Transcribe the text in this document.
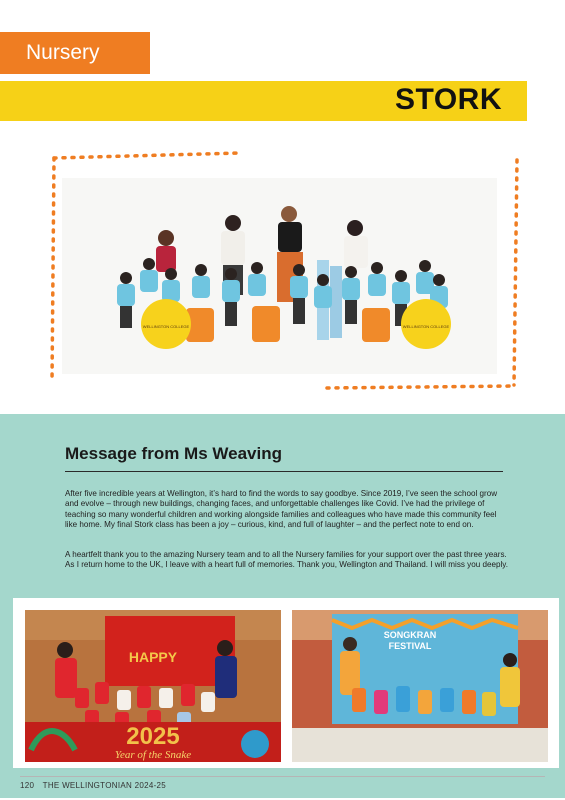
Nursery
STORK
WELLINGTON COLLEGE	WELLINGTON COLLEGE
Message from Ms Weaving

After five incredible years at Wellington, it’s hard to find the words to say goodbye. Since 2019, I’ve seen the school grow and evolve – through new buildings, changing faces, and unforgettable challenges like Covid. I’ve had the privilege of teaching so many wonderful children and working alongside families and colleagues who have made this community feel like home. My final Stork class has been a joy – curious, kind, and full of laughter – and the perfect note to end on.

A heartfelt thank you to the amazing Nursery team and to all the Nursery families for your support over the past three years. As I return home to the UK, I leave with a heart full of memories. Thank you, Wellington and Thailand. I will miss you deeply.

HAPPY
2025
Year of the Snake
SONGKRAN
FESTIVAL
120 THE WELLINGTONIAN 2024-25
